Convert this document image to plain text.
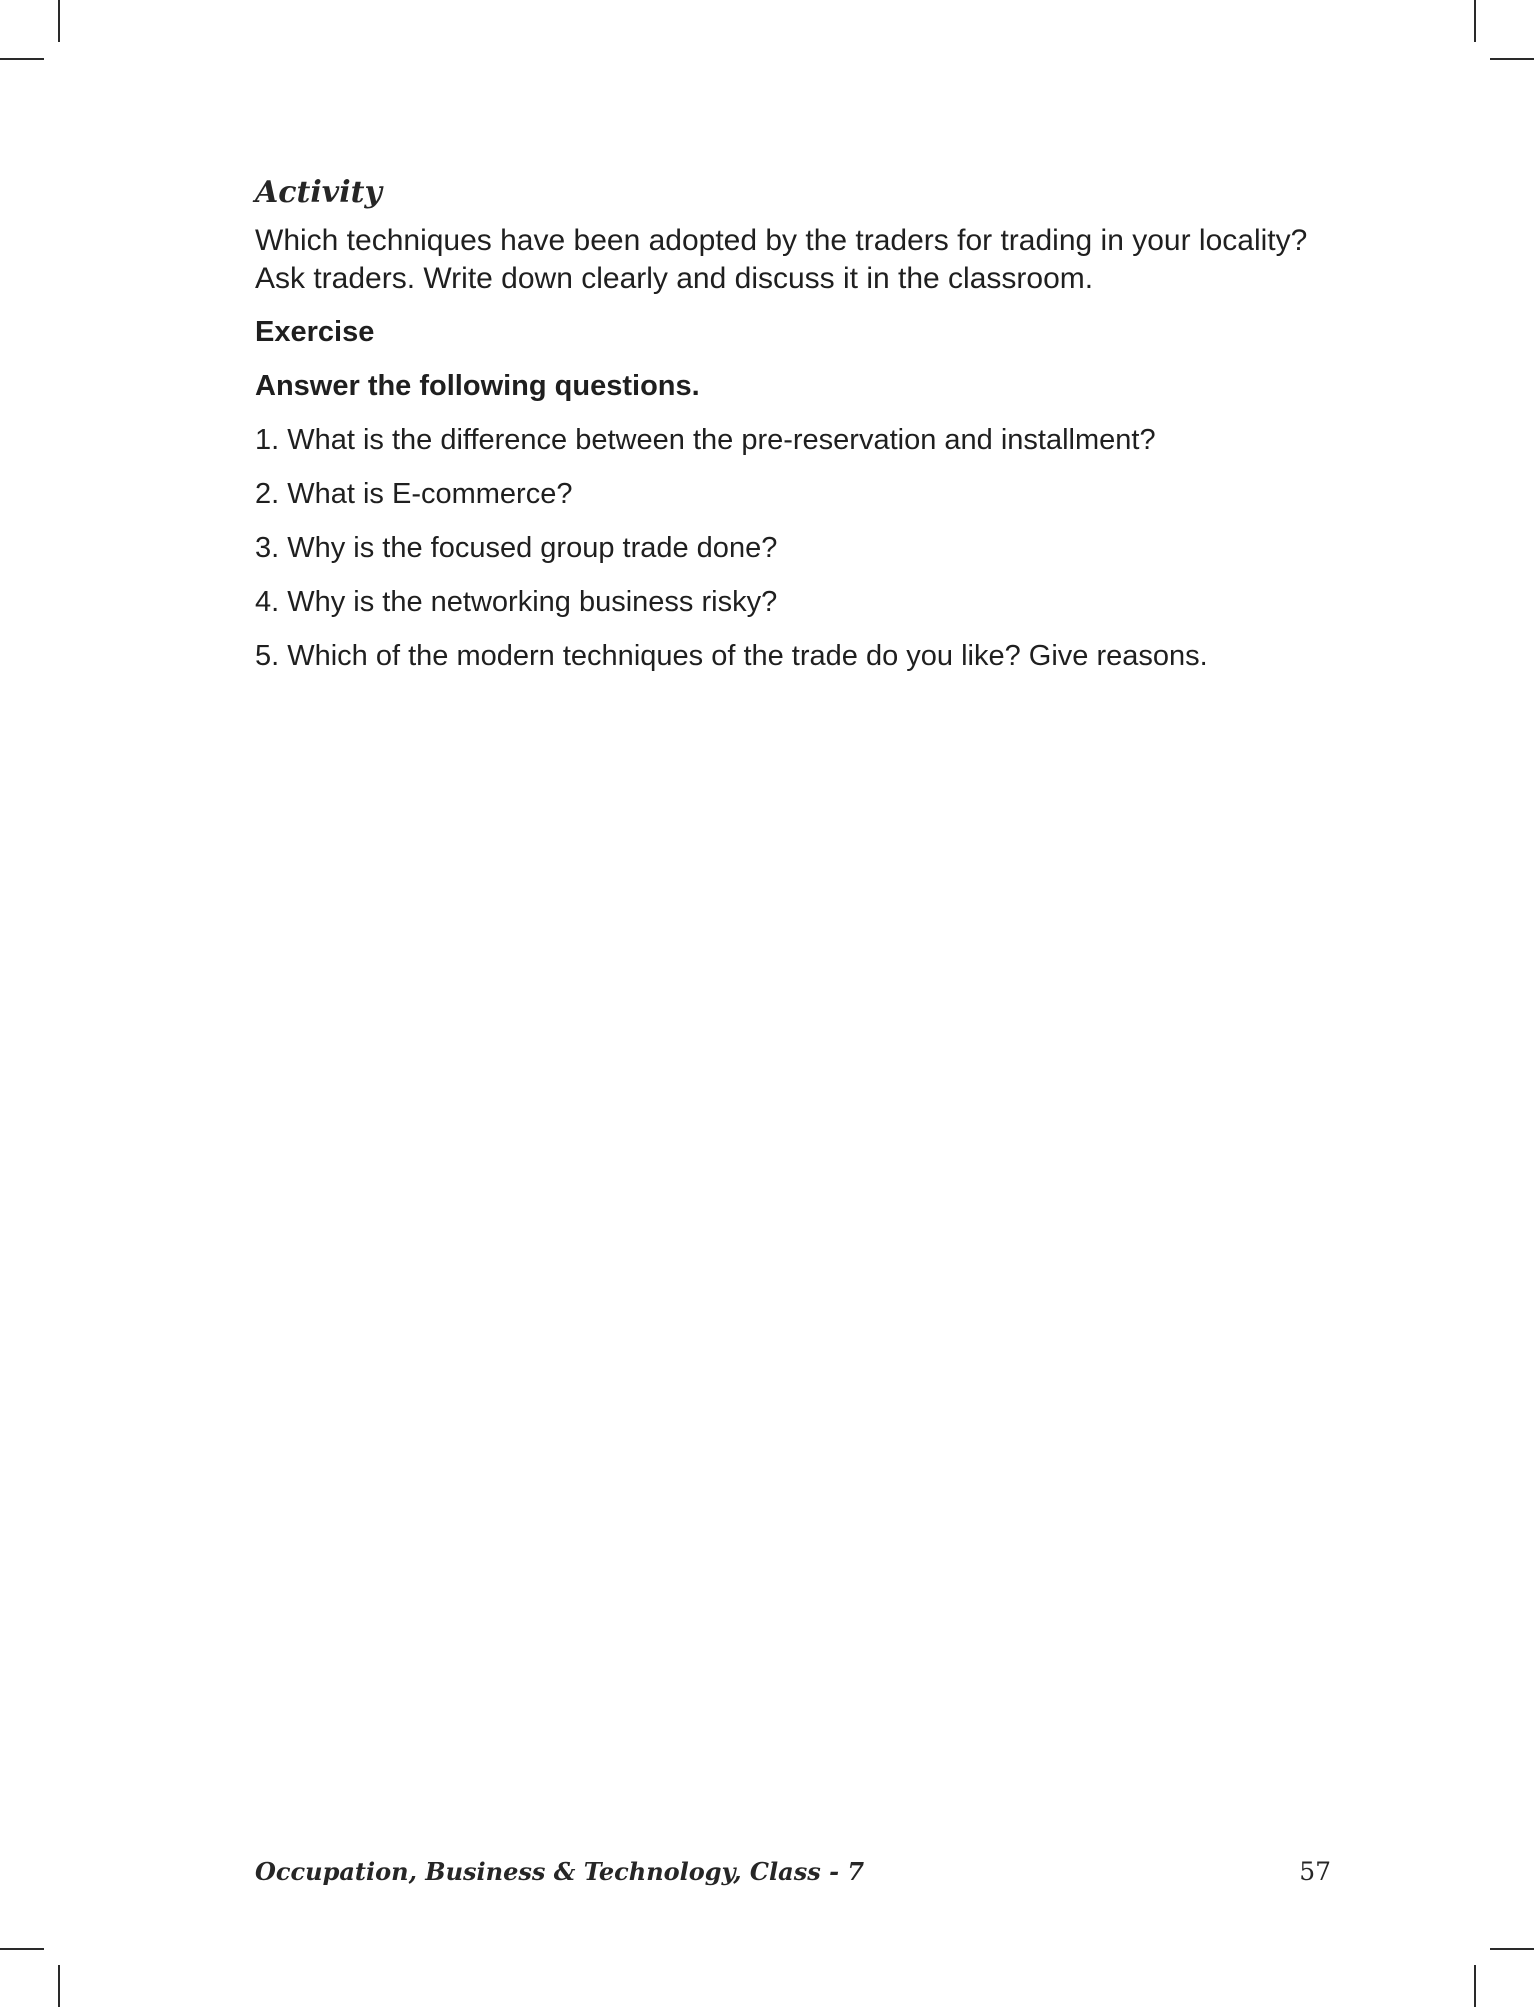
Activity

Which techniques have been adopted by the traders for trading in your locality?
Ask traders. Write down clearly and discuss it in the classroom.

Exercise

Answer the following questions.

1. What is the difference between the pre-reservation and installment?
2. What is E-commerce?
3. Why is the focused group trade done?
4. Why is the networking business risky?
5. Which of the modern techniques of the trade do you like? Give reasons.
Occupation, Business & Technology, Class - 7	57
